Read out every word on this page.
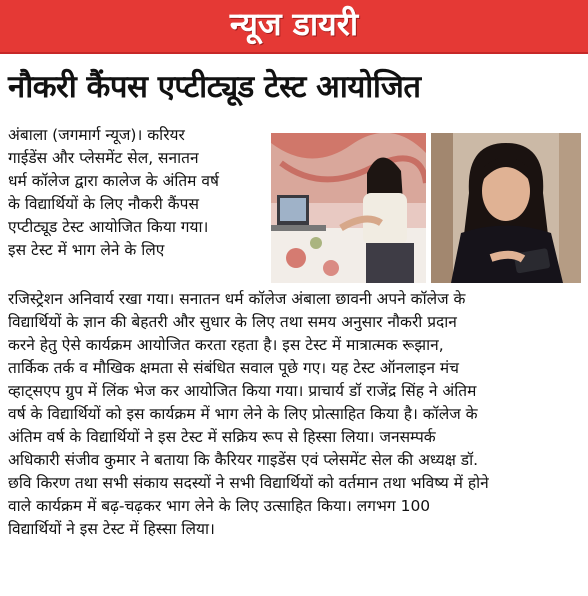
न्यूज डायरी
नौकरी कैंपस एप्टीट्यूड टेस्ट आयोजित
अंबाला (जगमार्ग न्यूज)। करियर
गाईडेंस और प्लेसमेंट सेल, सनातन
धर्म कॉलेज द्वारा कालेज के अंतिम वर्ष
के विद्यार्थियों के लिए नौकरी कैंपस
एप्टीट्यूड टेस्ट आयोजित किया गया।
इस टेस्ट में भाग लेने के लिए
रजिस्ट्रेशन अनिवार्य रखा गया। सनातन धर्म कॉलेज अंबाला छावनी अपने कॉलेज के
विद्यार्थियों के ज्ञान की बेहतरी और सुधार के लिए तथा समय अनुसार नौकरी प्रदान
करने हेतु ऐसे कार्यक्रम आयोजित करता रहता है। इस टेस्ट में मात्रात्मक रूझान,
तार्किक तर्क व मौखिक क्षमता से संबंधित सवाल पूछे गए। यह टेस्ट ऑनलाइन मंच
व्हाट्सएप ग्रुप में लिंक भेज कर आयोजित किया गया। प्राचार्य डॉ राजेंद्र सिंह ने अंतिम
वर्ष के विद्यार्थियों को इस कार्यक्रम में भाग लेने के लिए प्रोत्साहित किया है। कॉलेज के
अंतिम वर्ष के विद्यार्थियों ने इस टेस्ट में सक्रिय रूप से हिस्सा लिया। जनसम्पर्क
अधिकारी संजीव कुमार ने बताया कि कैरियर गाइडेंस एवं प्लेसमेंट सेल की अध्यक्ष डॉ.
छवि किरण तथा सभी संकाय सदस्यों ने सभी विद्यार्थियों को वर्तमान तथा भविष्य में होने
वाले कार्यक्रम में बढ़-चढ़कर भाग लेने के लिए उत्साहित किया। लगभग 100
विद्यार्थियों ने इस टेस्ट में हिस्सा लिया।
